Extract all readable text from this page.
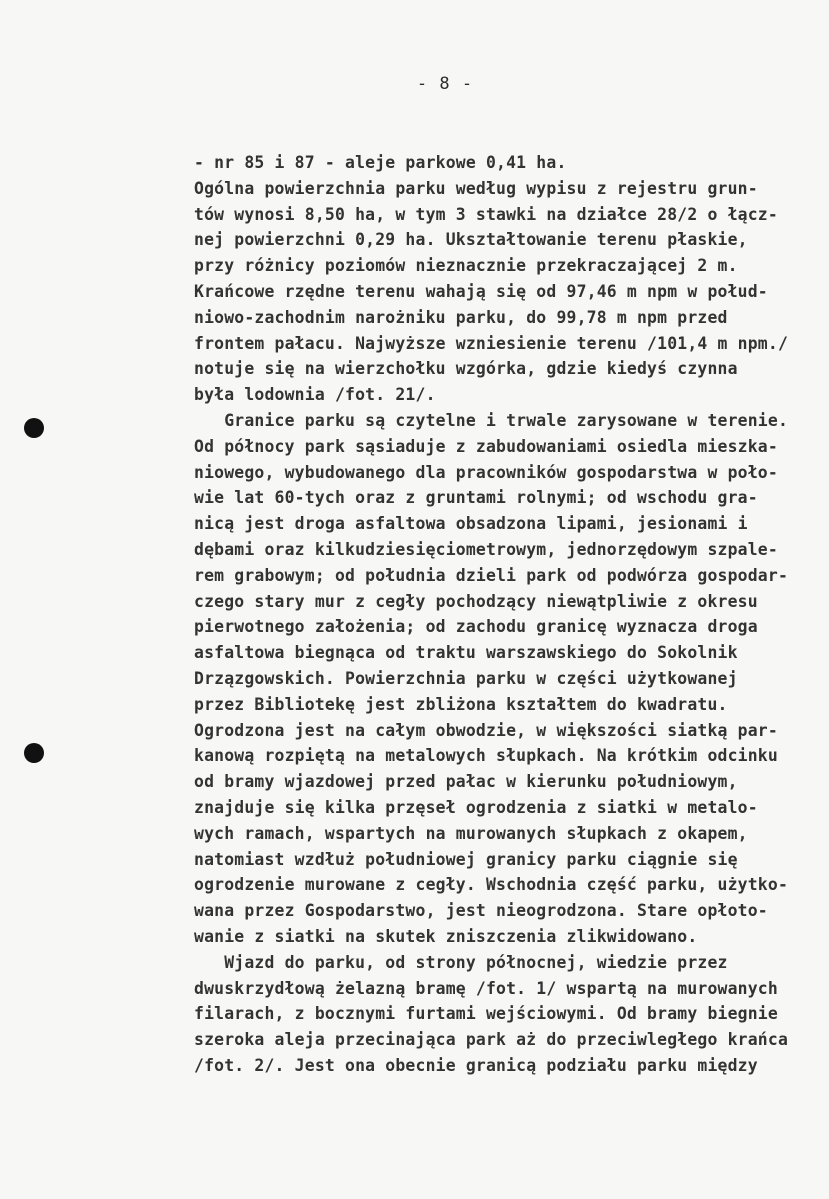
- 8 -
- nr 85 i 87 - aleje parkowe 0,41 ha.
Ogólna powierzchnia parku według wypisu z rejestru grun-
tów wynosi 8,50 ha, w tym 3 stawki na działce 28/2 o łącz-
nej powierzchni 0,29 ha. Ukształtowanie terenu płaskie,
przy różnicy poziomów nieznacznie przekraczającej 2 m.
Krańcowe rzędne terenu wahają się od 97,46 m npm w połud-
niowo-zachodnim narożniku parku, do 99,78 m npm przed
frontem pałacu. Najwyższe wzniesienie terenu /101,4 m npm./
notuje się na wierzchołku wzgórka, gdzie kiedyś czynna
była lodownia /fot. 21/.
Granice parku są czytelne i trwale zarysowane w terenie.
Od północy park sąsiaduje z zabudowaniami osiedla mieszka-
niowego, wybudowanego dla pracowników gospodarstwa w poło-
wie lat 60-tych oraz z gruntami rolnymi; od wschodu gra-
nicą jest droga asfaltowa obsadzona lipami, jesionami i
dębami oraz kilkudziesięciometrowym, jednorzędowym szpale-
rem grabowym; od południa dzieli park od podwórza gospodar-
czego stary mur z cegły pochodzący niewątpliwie z okresu
pierwotnego założenia; od zachodu granicę wyznacza droga
asfaltowa biegnąca od traktu warszawskiego do Sokolnik
Drzązgowskich. Powierzchnia parku w części użytkowanej
przez Bibliotekę jest zbliżona kształtem do kwadratu.
Ogrodzona jest na całym obwodzie, w większości siatką par-
kanową rozpiętą na metalowych słupkach. Na krótkim odcinku
od bramy wjazdowej przed pałac w kierunku południowym,
znajduje się kilka przęseł ogrodzenia z siatki w metalo-
wych ramach, wspartych na murowanych słupkach z okapem,
natomiast wzdłuż południowej granicy parku ciągnie się
ogrodzenie murowane z cegły. Wschodnia część parku, użytko-
wana przez Gospodarstwo, jest nieogrodzona. Stare opłoto-
wanie z siatki na skutek zniszczenia zlikwidowano.
Wjazd do parku, od strony północnej, wiedzie przez
dwuskrzydłową żelazną bramę /fot. 1/ wspartą na murowanych
filarach, z bocznymi furtami wejściowymi. Od bramy biegnie
szeroka aleja przecinająca park aż do przeciwległego krańca
/fot. 2/. Jest ona obecnie granicą podziału parku między
